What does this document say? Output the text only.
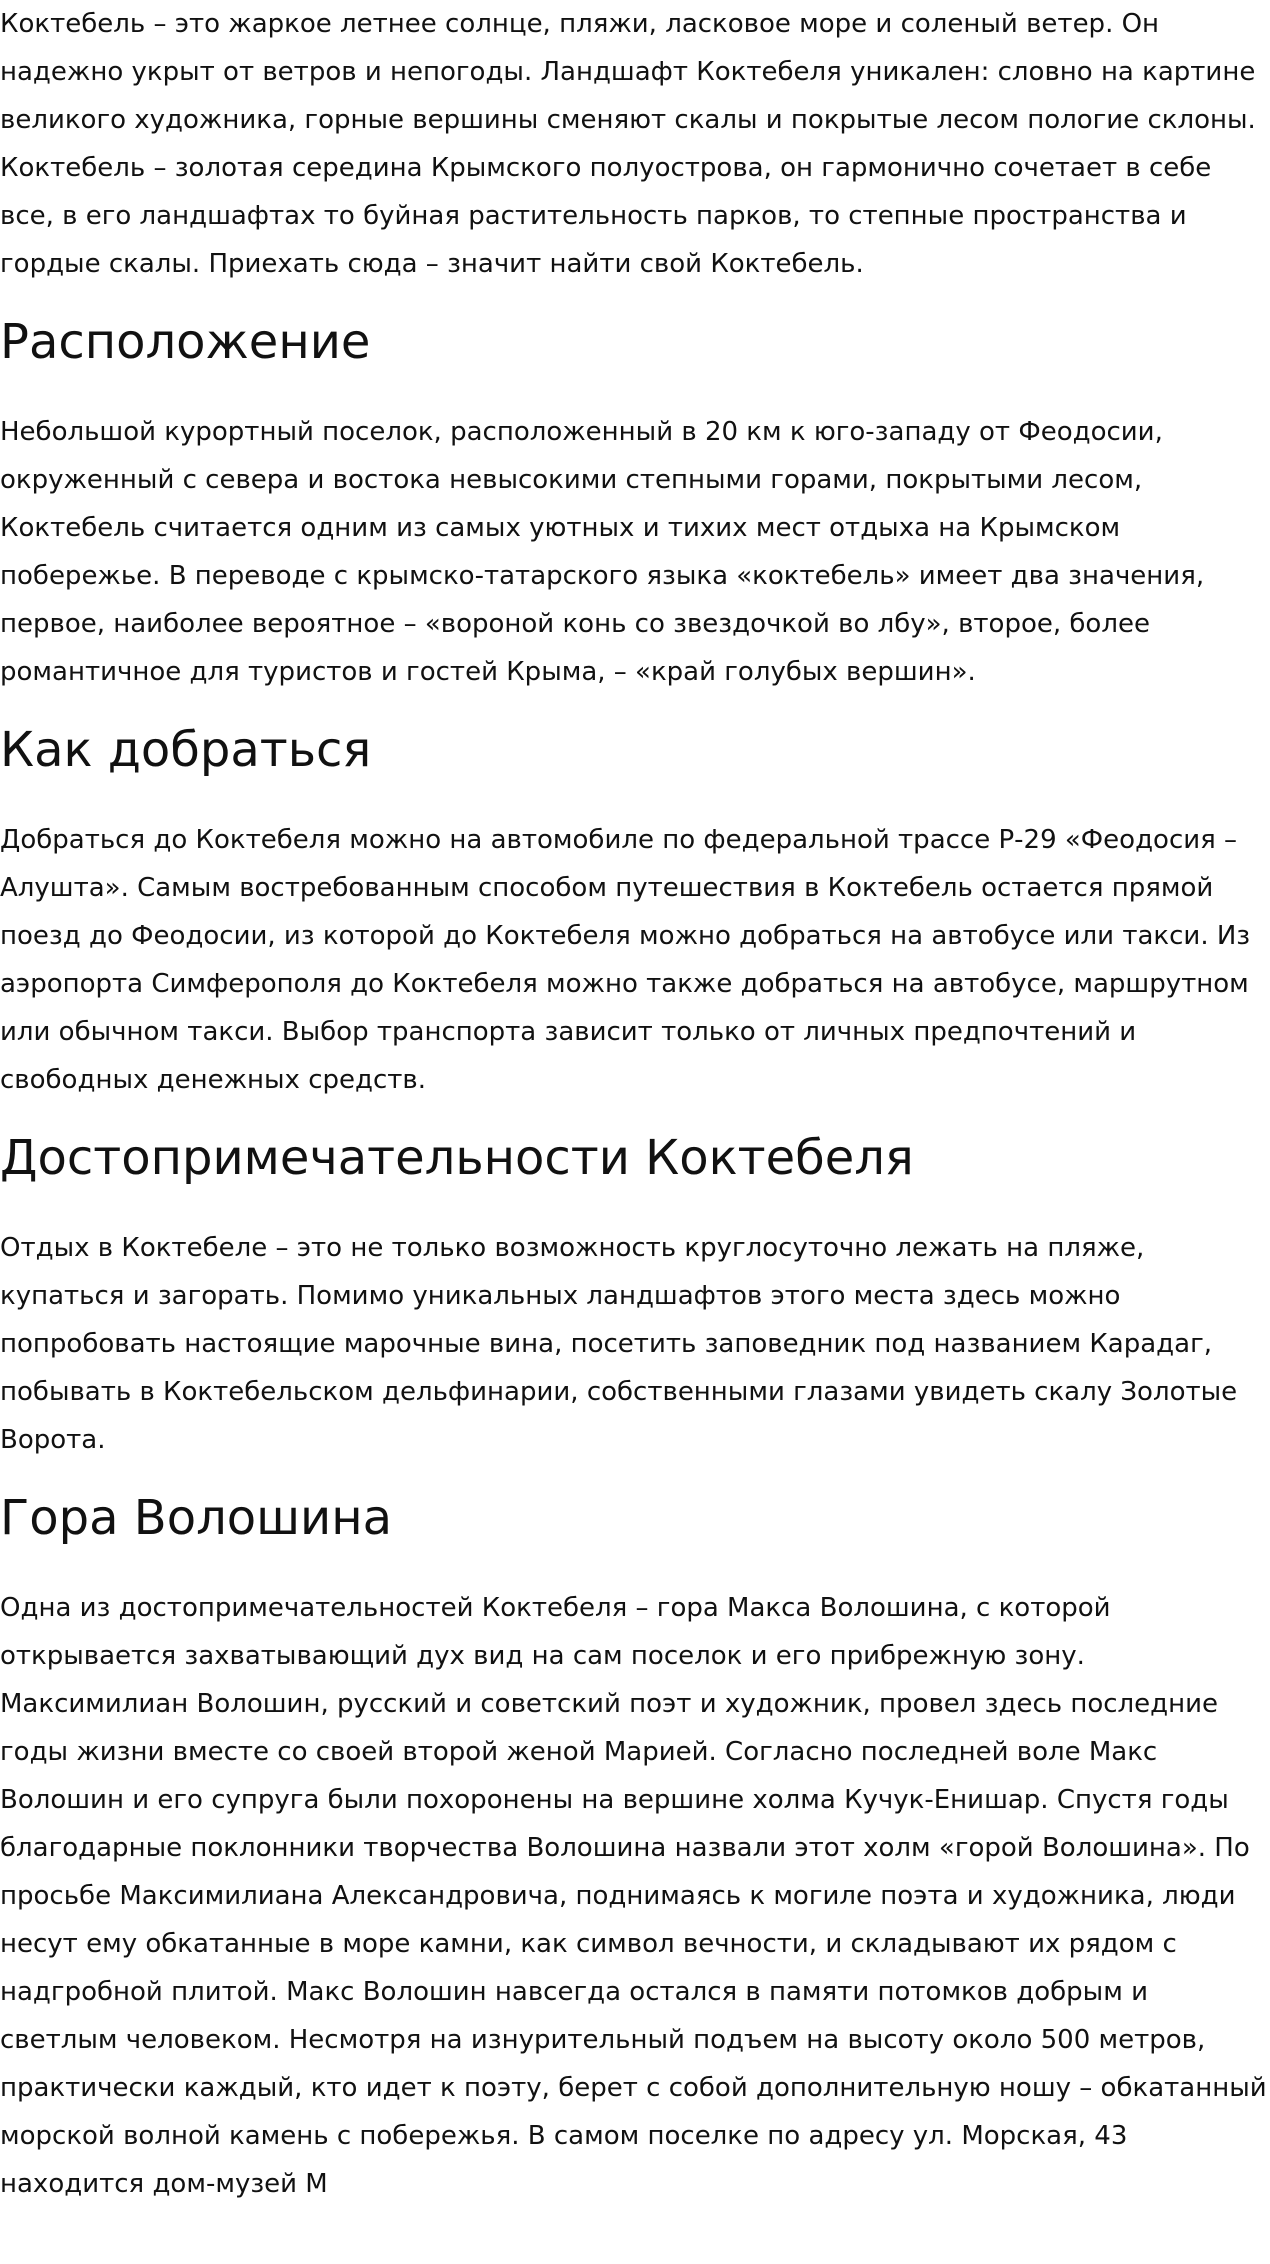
Коктебель – это жаркое летнее солнце, пляжи, ласковое море и соленый ветер. Он надежно укрыт от ветров и непогоды. Ландшафт Коктебеля уникален: словно на картине великого художника, горные вершины сменяют скалы и покрытые лесом пологие склоны. Коктебель – золотая середина Крымского полуострова, он гармонично сочетает в себе все, в его ландшафтах то буйная растительность парков, то степные пространства и гордые скалы. Приехать сюда – значит найти свой Коктебель.

Расположение

Небольшой курортный поселок, расположенный в 20 км к юго-западу от Феодосии, окруженный с севера и востока невысокими степными горами, покрытыми лесом, Коктебель считается одним из самых уютных и тихих мест отдыха на Крымском побережье. В переводе с крымско-татарского языка «коктебель» имеет два значения, первое, наиболее вероятное – «вороной конь со звездочкой во лбу», второе, более романтичное для туристов и гостей Крыма, – «край голубых вершин».

Как добраться

Добраться до Коктебеля можно на автомобиле по федеральной трассе Р-29 «Феодосия – Алушта». Самым востребованным способом путешествия в Коктебель остается прямой поезд до Феодосии, из которой до Коктебеля можно добраться на автобусе или такси. Из аэропорта Симферополя до Коктебеля можно также добраться на автобусе, маршрутном или обычном такси. Выбор транспорта зависит только от личных предпочтений и свободных денежных средств.

Достопримечательности Коктебеля

Отдых в Коктебеле – это не только возможность круглосуточно лежать на пляже, купаться и загорать. Помимо уникальных ландшафтов этого места здесь можно попробовать настоящие марочные вина, посетить заповедник под названием Карадаг, побывать в Коктебельском дельфинарии, собственными глазами увидеть скалу Золотые Ворота.

Гора Волошина

Одна из достопримечательностей Коктебеля – гора Макса Волошина, с которой открывается захватывающий дух вид на сам поселок и его прибрежную зону. Максимилиан Волошин, русский и советский поэт и художник, провел здесь последние годы жизни вместе со своей второй женой Марией. Согласно последней воле Макс Волошин и его супруга были похоронены на вершине холма Кучук-Енишар. Спустя годы благодарные поклонники творчества Волошина назвали этот холм «горой Волошина». По просьбе Максимилиана Александровича, поднимаясь к могиле поэта и художника, люди несут ему обкатанные в море камни, как символ вечности, и складывают их рядом с надгробной плитой. Макс Волошин навсегда остался в памяти потомков добрым и светлым человеком. Несмотря на изнурительный подъем на высоту около 500 метров, практически каждый, кто идет к поэту, берет с собой дополнительную ношу – обкатанный морской волной камень с побережья. В самом поселке по адресу ул. Морская, 43 находится дом-музей М
